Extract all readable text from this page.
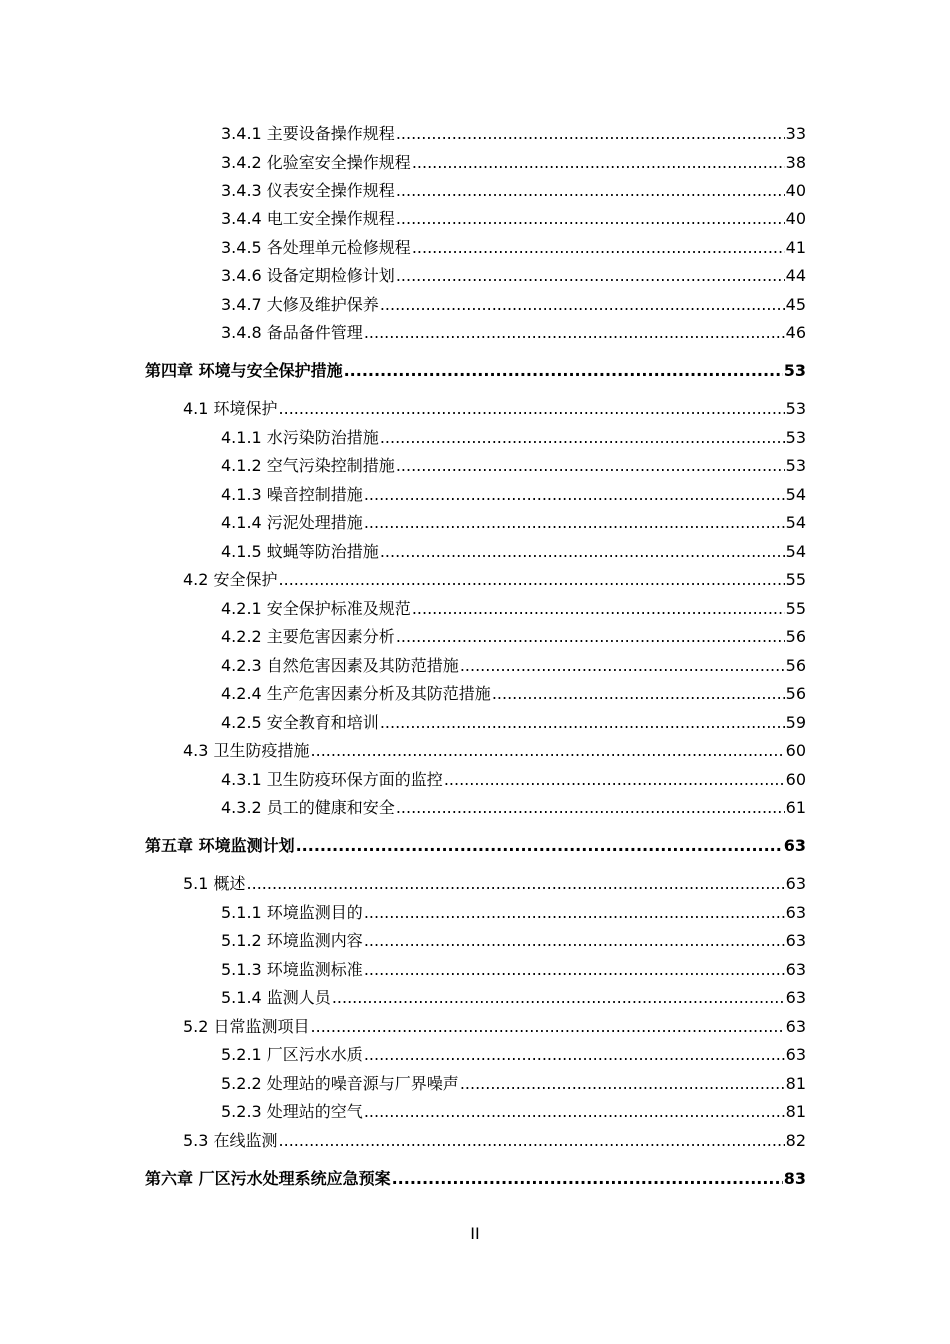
3.4.1 主要设备操作规程 .....	33
3.4.2 化验室安全操作规程 .....	38
3.4.3 仪表安全操作规程 .....	40
3.4.4 电工安全操作规程 .....	40
3.4.5 各处理单元检修规程 .....	41
3.4.6 设备定期检修计划 .....	44
3.4.7 大修及维护保养 .....	45
3.4.8 备品备件管理 .....	46
第四章 环境与安全保护措施 .....	53
4.1 环境保护 .....	53
4.1.1 水污染防治措施 .....	53
4.1.2 空气污染控制措施 .....	53
4.1.3 噪音控制措施 .....	54
4.1.4 污泥处理措施 .....	54
4.1.5 蚊蝇等防治措施 .....	54
4.2 安全保护 .....	55
4.2.1 安全保护标准及规范 .....	55
4.2.2 主要危害因素分析 .....	56
4.2.3 自然危害因素及其防范措施 .....	56
4.2.4 生产危害因素分析及其防范措施 .....	56
4.2.5 安全教育和培训 .....	59
4.3 卫生防疫措施 .....	60
4.3.1 卫生防疫环保方面的监控 .....	60
4.3.2 员工的健康和安全 .....	61
第五章 环境监测计划 .....	63
5.1 概述 .....	63
5.1.1 环境监测目的 .....	63
5.1.2 环境监测内容 .....	63
5.1.3 环境监测标准 .....	63
5.1.4 监测人员 .....	63
5.2 日常监测项目 .....	63
5.2.1 厂区污水水质 .....	63
5.2.2 处理站的噪音源与厂界噪声 .....	81
5.2.3 处理站的空气 .....	81
5.3 在线监测 .....	82
第六章 厂区污水处理系统应急预案 .....	83
II
